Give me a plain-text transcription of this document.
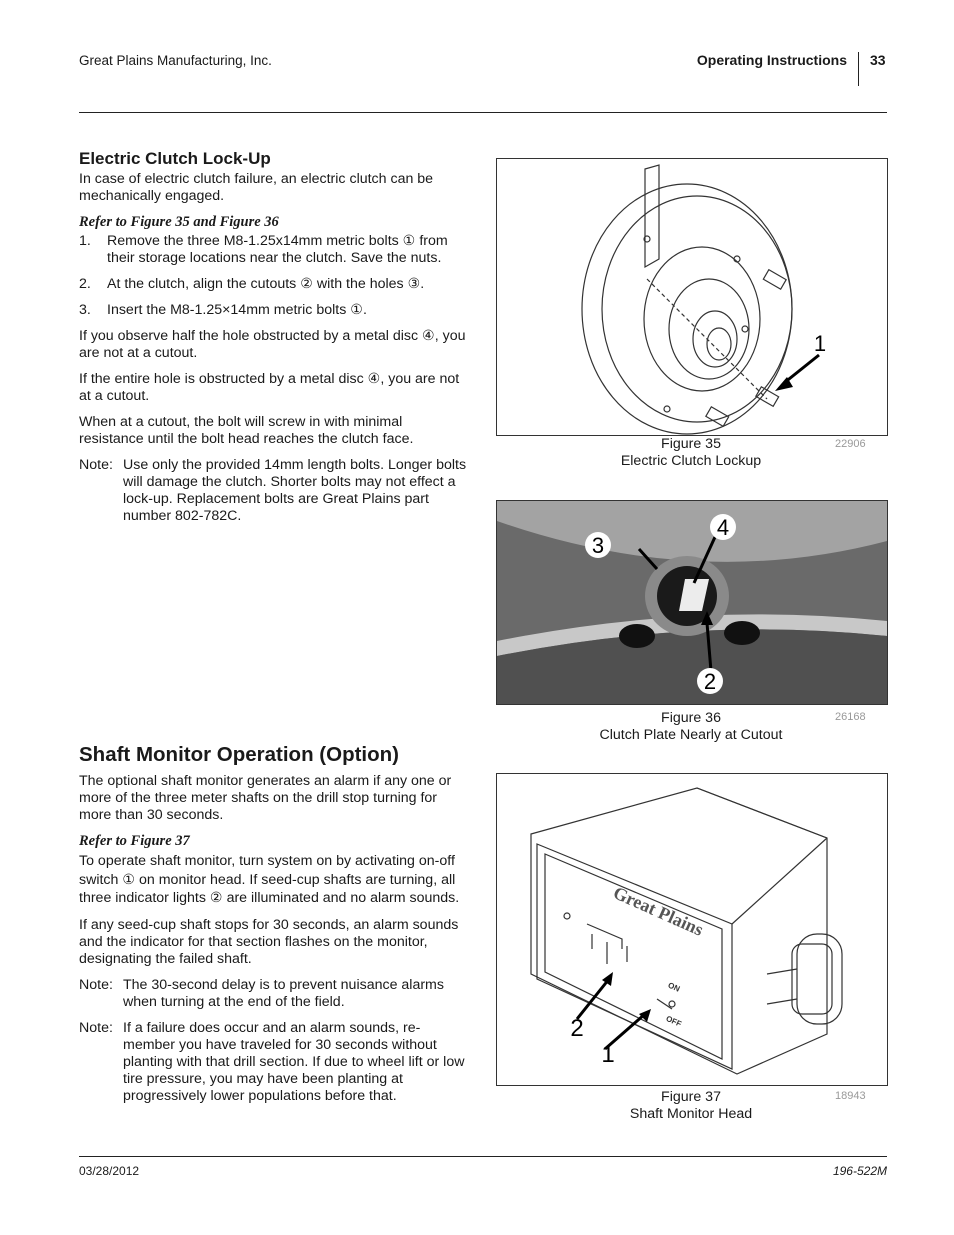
Great Plains Manufacturing, Inc.	Operating Instructions 33
Electric Clutch Lock-Up

In case of electric clutch failure, an electric clutch can be mechanically engaged.

Refer to Figure 35 and Figure 36
1.	Remove the three M8-1.25x14mm metric bolts ① from their storage locations near the clutch. Save the nuts.
2.	At the clutch, align the cutouts ② with the holes ③.
3.	Insert the M8-1.25×14mm metric bolts ①.

If you observe half the hole obstructed by a metal disc ④, you are not at a cutout.

If the entire hole is obstructed by a metal disc ④, you are not at a cutout.

When at a cutout, the bolt will screw in with minimal resistance until the bolt head reaches the clutch face.

Note: Use only the provided 14mm length bolts. Longer bolts will damage the clutch. Shorter bolts may not effect a lock-up. Replacement bolts are Great Plains part number 802-782C.
Shaft Monitor Operation (Option)

The optional shaft monitor generates an alarm if any one or more of the three meter shafts on the drill stop turning for more than 30 seconds.

Refer to Figure 37

To operate shaft monitor, turn system on by activating on-off switch ① on monitor head. If seed-cup shafts are turning, all three indicator lights ② are illuminated and no alarm sounds.

If any seed-cup shaft stops for 30 seconds, an alarm sounds and the indicator for that section flashes on the monitor, designating the failed shaft.

Note: The 30-second delay is to prevent nuisance alarms when turning at the end of the field.
Note: If a failure does occur and an alarm sounds, re-member you have traveled for 30 seconds without planting with that drill section. If due to wheel lift or low tire pressure, you may have been planting at progressively lower populations before that.
1
Figure 35
Electric Clutch Lockup
22906
3
4
2
Figure 36
Clutch Plate Nearly at Cutout
26168
Great Plains
ON
OFF
2
1
Figure 37
Shaft Monitor Head
18943
03/28/2012	196-522M
